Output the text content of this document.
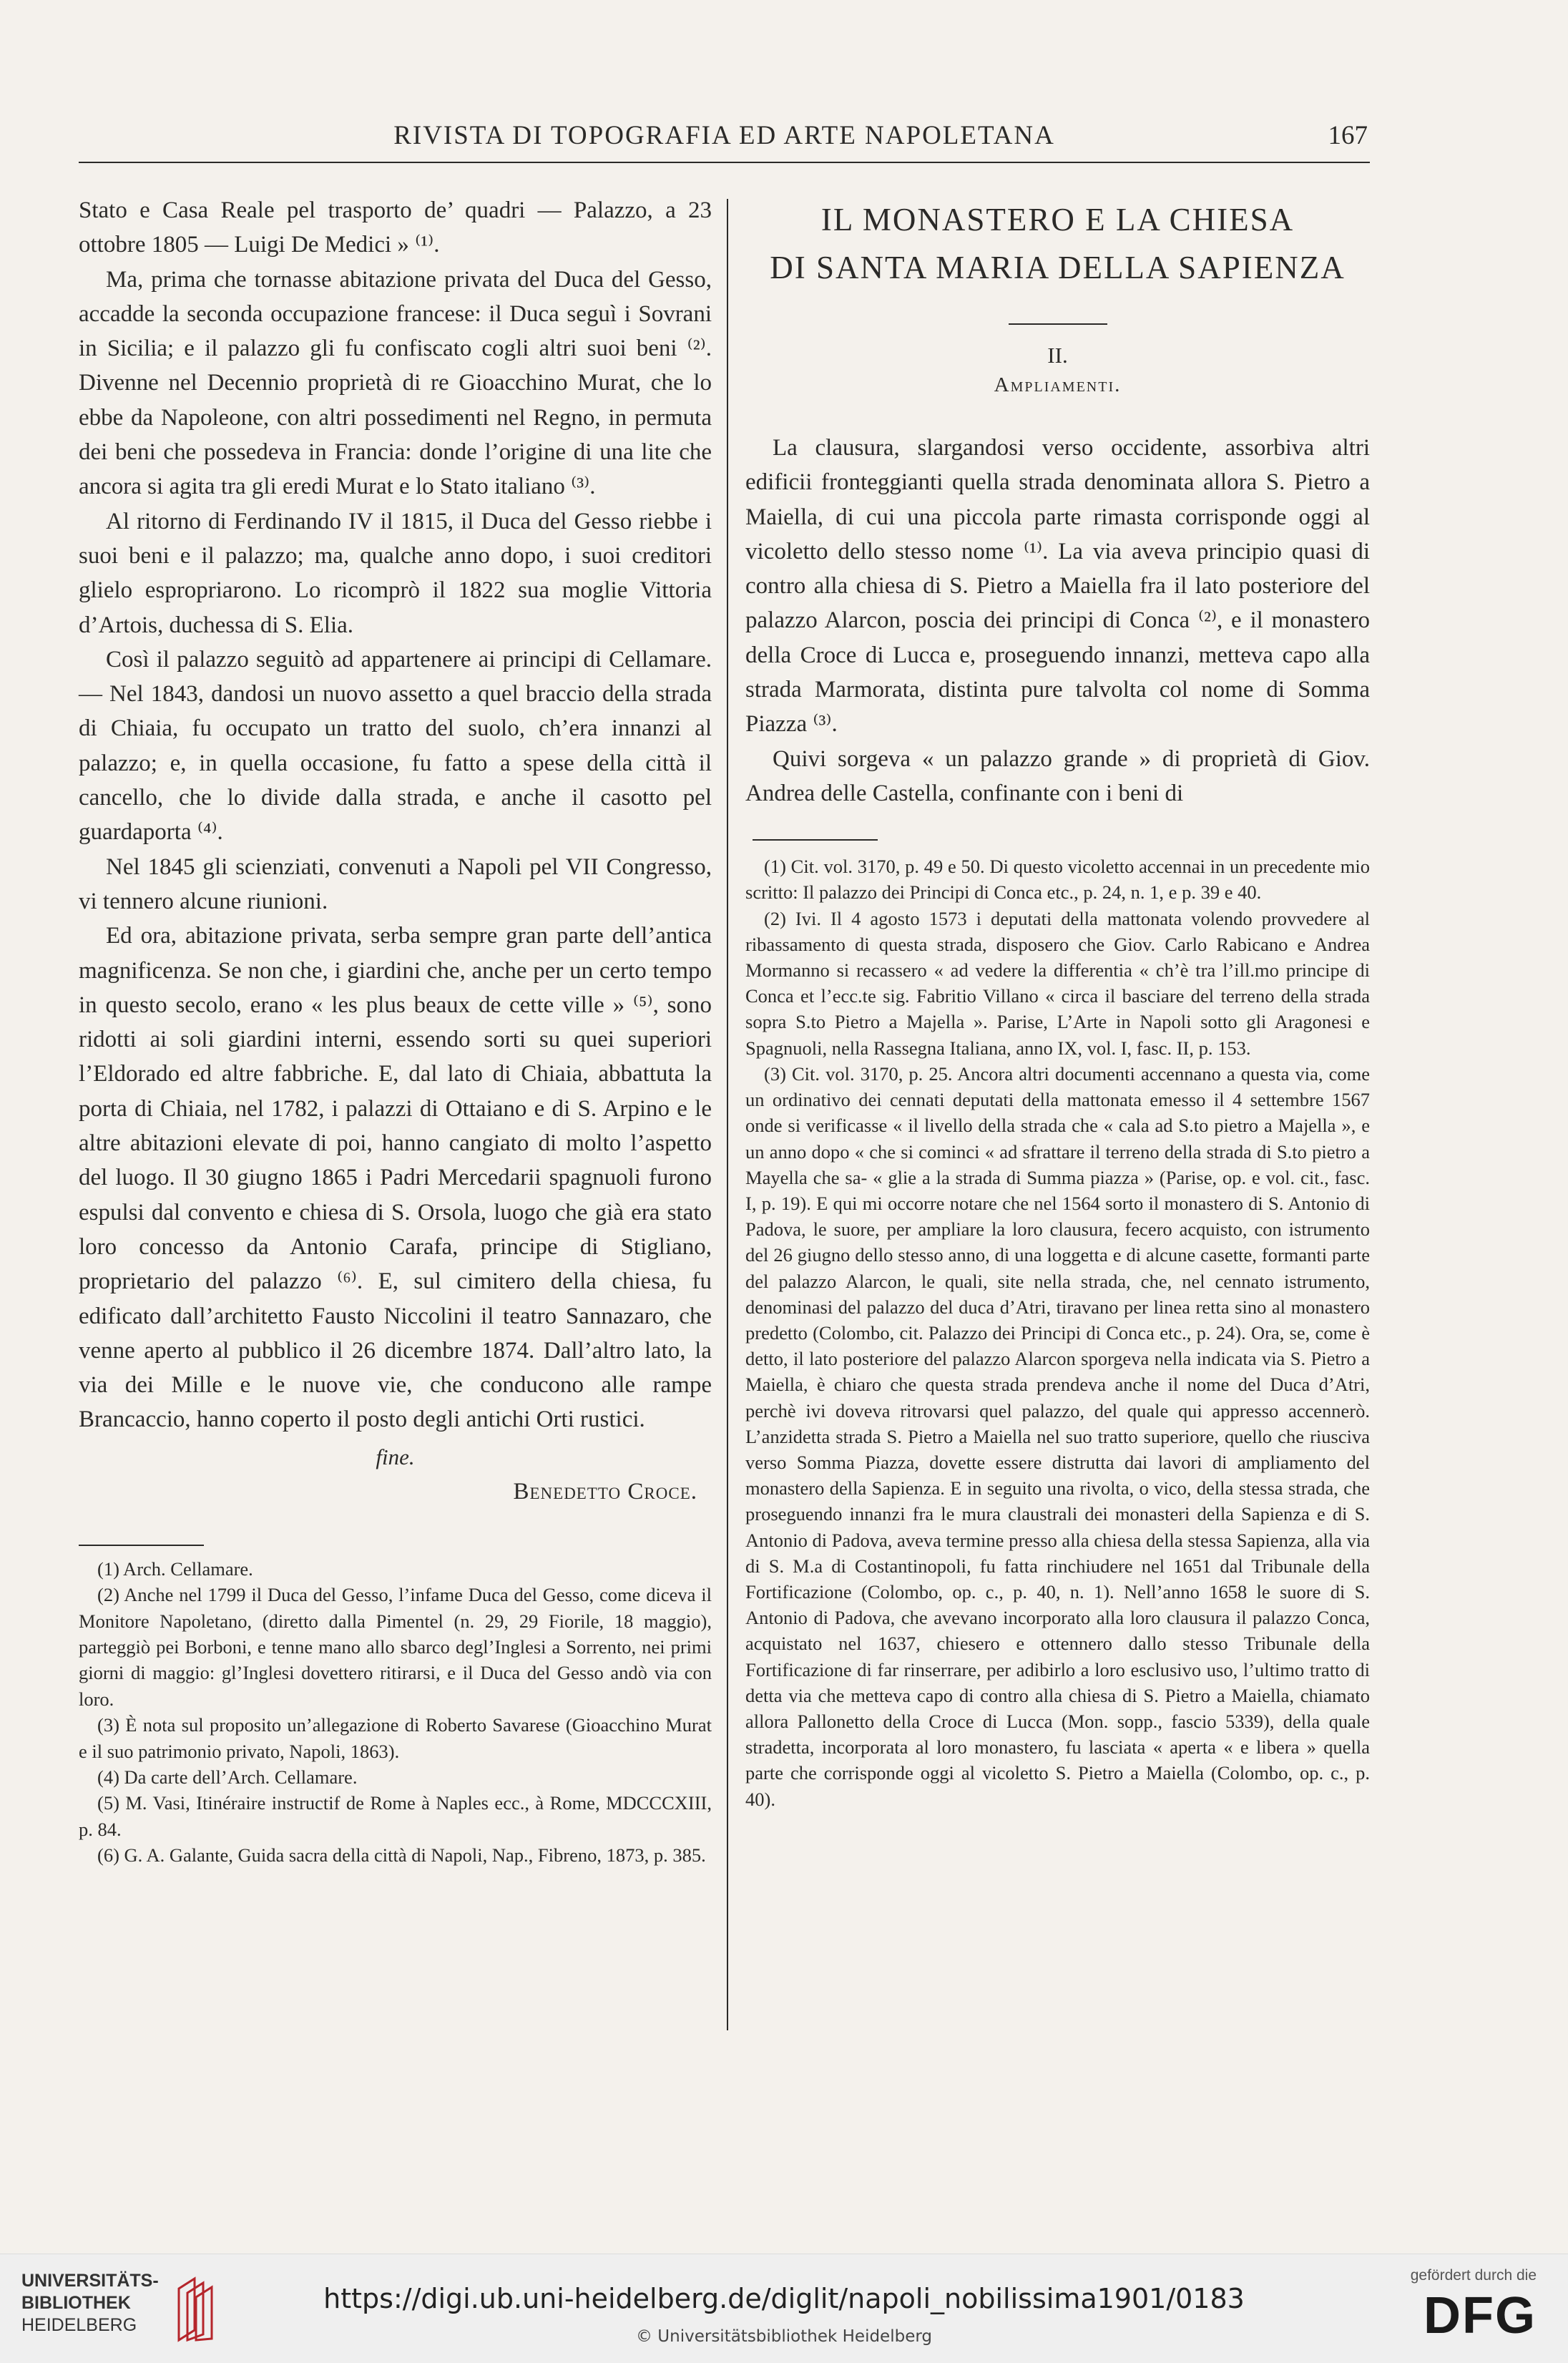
RIVISTA DI TOPOGRAFIA ED ARTE NAPOLETANA	167

Stato e Casa Reale pel trasporto de’ quadri — Palazzo, a 23 ottobre 1805 — Luigi De Medici » ⁽¹⁾.

Ma, prima che tornasse abitazione privata del Duca del Gesso, accadde la seconda occupazione francese: il Duca seguì i Sovrani in Sicilia; e il palazzo gli fu confiscato cogli altri suoi beni ⁽²⁾. Divenne nel Decennio proprietà di re Gioacchino Murat, che lo ebbe da Napoleone, con altri possedimenti nel Regno, in permuta dei beni che possedeva in Francia: donde l’origine di una lite che ancora si agita tra gli eredi Murat e lo Stato italiano ⁽³⁾.

Al ritorno di Ferdinando IV il 1815, il Duca del Gesso riebbe i suoi beni e il palazzo; ma, qualche anno dopo, i suoi creditori glielo espropriarono. Lo ricomprò il 1822 sua moglie Vittoria d’Artois, duchessa di S. Elia.

Così il palazzo seguitò ad appartenere ai principi di Cellamare. — Nel 1843, dandosi un nuovo assetto a quel braccio della strada di Chiaia, fu occupato un tratto del suolo, ch’era innanzi al palazzo; e, in quella occasione, fu fatto a spese della città il cancello, che lo divide dalla strada, e anche il casotto pel guardaporta ⁽⁴⁾.

Nel 1845 gli scienziati, convenuti a Napoli pel VII Congresso, vi tennero alcune riunioni.

Ed ora, abitazione privata, serba sempre gran parte dell’antica magnificenza. Se non che, i giardini che, anche per un certo tempo in questo secolo, erano « les plus beaux de cette ville » ⁽⁵⁾, sono ridotti ai soli giardini interni, essendo sorti su quei superiori l’Eldorado ed altre fabbriche. E, dal lato di Chiaia, abbattuta la porta di Chiaia, nel 1782, i palazzi di Ottaiano e di S. Arpino e le altre abitazioni elevate di poi, hanno cangiato di molto l’aspetto del luogo. Il 30 giugno 1865 i Padri Mercedarii spagnuoli furono espulsi dal convento e chiesa di S. Orsola, luogo che già era stato loro concesso da Antonio Carafa, principe di Stigliano, proprietario del palazzo ⁽⁶⁾. E, sul cimitero della chiesa, fu edificato dall’architetto Fausto Niccolini il teatro Sannazaro, che venne aperto al pubblico il 26 dicembre 1874. Dall’altro lato, la via dei Mille e le nuove vie, che conducono alle rampe Brancaccio, hanno coperto il posto degli antichi Orti rustici.

fine.
Benedetto Croce.

(1) Arch. Cellamare.

(2) Anche nel 1799 il Duca del Gesso, l’infame Duca del Gesso, come diceva il Monitore Napoletano, (diretto dalla Pimentel (n. 29, 29 Fiorile, 18 maggio), parteggiò pei Borboni, e tenne mano allo sbarco degl’Inglesi a Sorrento, nei primi giorni di maggio: gl’Inglesi dovettero ritirarsi, e il Duca del Gesso andò via con loro.

(3) È nota sul proposito un’allegazione di Roberto Savarese (Gioacchino Murat e il suo patrimonio privato, Napoli, 1863).

(4) Da carte dell’Arch. Cellamare.

(5) M. Vasi, Itinéraire instructif de Rome à Naples ecc., à Rome, MDCCCXIII, p. 84.

(6) G. A. Galante, Guida sacra della città di Napoli, Nap., Fibreno, 1873, p. 385.

IL MONASTERO E LA CHIESA
DI SANTA MARIA DELLA SAPIENZA
II.
Ampliamenti.

La clausura, slargandosi verso occidente, assorbiva altri edificii fronteggianti quella strada denominata allora S. Pietro a Maiella, di cui una piccola parte rimasta corrisponde oggi al vicoletto dello stesso nome ⁽¹⁾. La via aveva principio quasi di contro alla chiesa di S. Pietro a Maiella fra il lato posteriore del palazzo Alarcon, poscia dei principi di Conca ⁽²⁾, e il monastero della Croce di Lucca e, proseguendo innanzi, metteva capo alla strada Marmorata, distinta pure talvolta col nome di Somma Piazza ⁽³⁾.

Quivi sorgeva « un palazzo grande » di proprietà di Giov. Andrea delle Castella, confinante con i beni di

(1) Cit. vol. 3170, p. 49 e 50. Di questo vicoletto accennai in un precedente mio scritto: Il palazzo dei Principi di Conca etc., p. 24, n. 1, e p. 39 e 40.

(2) Ivi. Il 4 agosto 1573 i deputati della mattonata volendo provvedere al ribassamento di questa strada, disposero che Giov. Carlo Rabicano e Andrea Mormanno si recassero « ad vedere la differentia « ch’è tra l’ill.mo principe di Conca et l’ecc.te sig. Fabritio Villano « circa il basciare del terreno della strada sopra S.to Pietro a Majella ». Parise, L’Arte in Napoli sotto gli Aragonesi e Spagnuoli, nella Rassegna Italiana, anno IX, vol. I, fasc. II, p. 153.

(3) Cit. vol. 3170, p. 25. Ancora altri documenti accennano a questa via, come un ordinativo dei cennati deputati della mattonata emesso il 4 settembre 1567 onde si verificasse « il livello della strada che « cala ad S.to pietro a Majella », e un anno dopo « che si cominci « ad sfrattare il terreno della strada di S.to pietro a Mayella che sa- « glie a la strada di Summa piazza » (Parise, op. e vol. cit., fasc. I, p. 19). E qui mi occorre notare che nel 1564 sorto il monastero di S. Antonio di Padova, le suore, per ampliare la loro clausura, fecero acquisto, con istrumento del 26 giugno dello stesso anno, di una loggetta e di alcune casette, formanti parte del palazzo Alarcon, le quali, site nella strada, che, nel cennato istrumento, denominasi del palazzo del duca d’Atri, tiravano per linea retta sino al monastero predetto (Colombo, cit. Palazzo dei Principi di Conca etc., p. 24). Ora, se, come è detto, il lato posteriore del palazzo Alarcon sporgeva nella indicata via S. Pietro a Maiella, è chiaro che questa strada prendeva anche il nome del Duca d’Atri, perchè ivi doveva ritrovarsi quel palazzo, del quale qui appresso accennerò. L’anzidetta strada S. Pietro a Maiella nel suo tratto superiore, quello che riusciva verso Somma Piazza, dovette essere distrutta dai lavori di ampliamento del monastero della Sapienza. E in seguito una rivolta, o vico, della stessa strada, che proseguendo innanzi fra le mura claustrali dei monasteri della Sapienza e di S. Antonio di Padova, aveva termine presso alla chiesa della stessa Sapienza, alla via di S. M.a di Costantinopoli, fu fatta rinchiudere nel 1651 dal Tribunale della Fortificazione (Colombo, op. c., p. 40, n. 1). Nell’anno 1658 le suore di S. Antonio di Padova, che avevano incorporato alla loro clausura il palazzo Conca, acquistato nel 1637, chiesero e ottennero dallo stesso Tribunale della Fortificazione di far rinserrare, per adibirlo a loro esclusivo uso, l’ultimo tratto di detta via che metteva capo di contro alla chiesa di S. Pietro a Maiella, chiamato allora Pallonetto della Croce di Lucca (Mon. sopp., fascio 5339), della quale stradetta, incorporata al loro monastero, fu lasciata « aperta « e libera » quella parte che corrisponde oggi al vicoletto S. Pietro a Maiella (Colombo, op. c., p. 40).

UNIVERSITÄTS-
BIBLIOTHEK
HEIDELBERG
https://digi.ub.uni-heidelberg.de/diglit/napoli_nobilissima1901/0183
© Universitätsbibliothek Heidelberg
gefördert durch die
DFG
